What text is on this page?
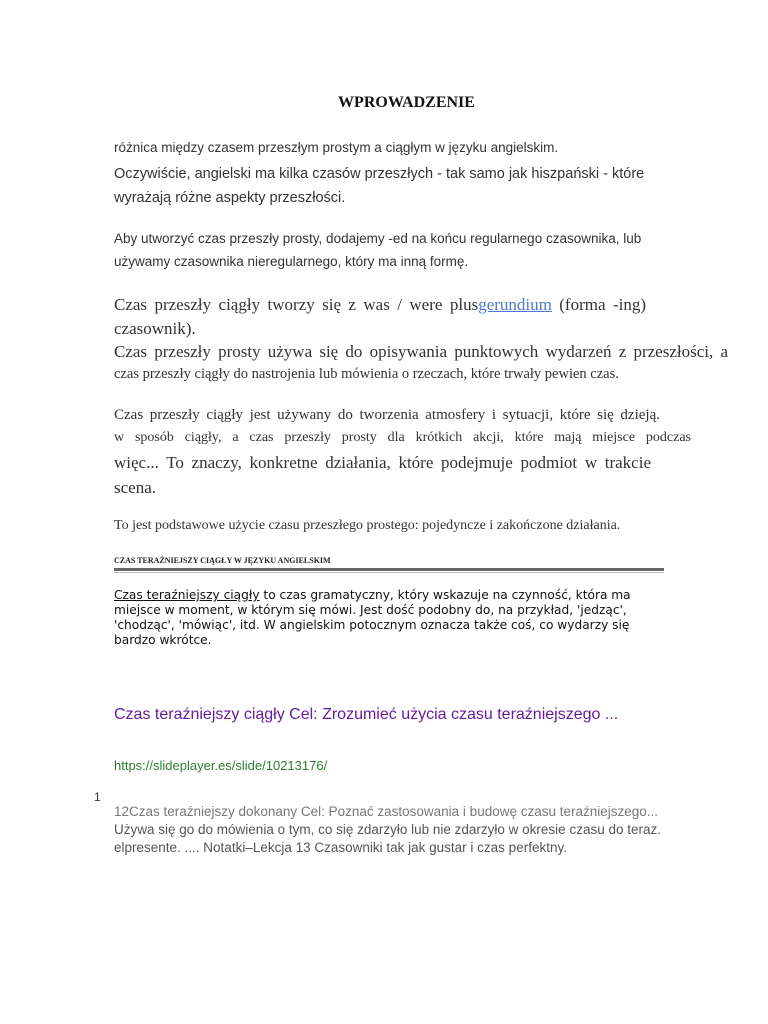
WPROWADZENIE
różnica między czasem przeszłym prostym a ciągłym w języku angielskim.
Oczywiście, angielski ma kilka czasów przeszłych - tak samo jak hiszpański - które wyrażają różne aspekty przeszłości.
Aby utworzyć czas przeszły prosty, dodajemy -ed na końcu regularnego czasownika, lub używamy czasownika nieregularnego, który ma inną formę.
Czas przeszły ciągły tworzy się z was / were plusgerundium (forma -ing)
czasownik).
Czas przeszły prosty używa się do opisywania punktowych wydarzeń z przeszłości, a
czas przeszły ciągły do nastrojenia lub mówienia o rzeczach, które trwały pewien czas.
Czas przeszły ciągły jest używany do tworzenia atmosfery i sytuacji, które się dzieją.
w sposób ciągły, a czas przeszły prosty dla krótkich akcji, które mają miejsce podczas
więc... To znaczy, konkretne działania, które podejmuje podmiot w trakcie
scena.
To jest podstawowe użycie czasu przeszłego prostego: pojedyncze i zakończone działania.
CZAS TERAŹNIEJSZY CIĄGŁY W JĘZYKU ANGIELSKIM
Czas teraźniejszy ciągły to czas gramatyczny, który wskazuje na czynność, która ma miejsce w moment, w którym się mówi. Jest dość podobny do, na przykład, 'jedząc', 'chodząc', 'mówiąc', itd. W angielskim potocznym oznacza także coś, co wydarzy się bardzo wkrótce.
Czas teraźniejszy ciągły Cel: Zrozumieć użycia czasu teraźniejszego ...
https://slideplayer.es/slide/10213176/
1
12Czas teraźniejszy dokonany Cel: Poznać zastosowania i budowę czasu teraźniejszego...
Używa się go do mówienia o tym, co się zdarzyło lub nie zdarzyło w okresie czasu do teraz. elpresente. .... Notatki–Lekcja 13 Czasowniki tak jak gustar i czas perfektny.
